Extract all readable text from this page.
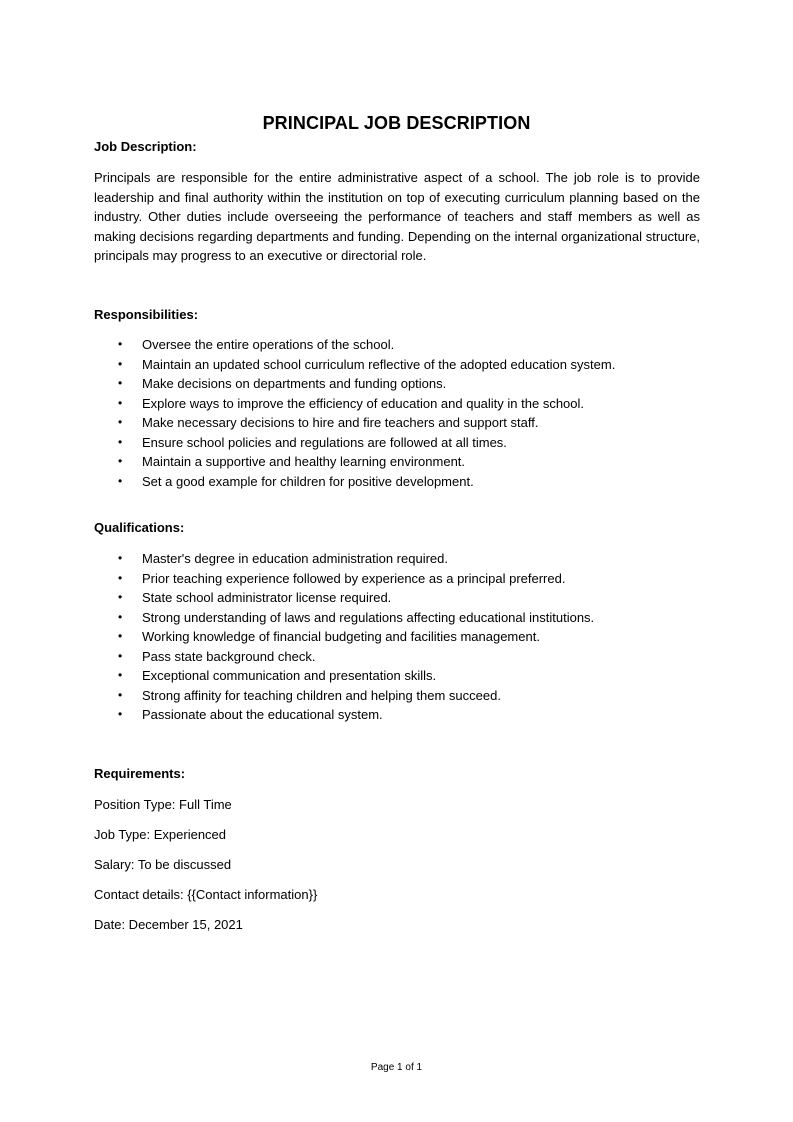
PRINCIPAL JOB DESCRIPTION
Job Description:
Principals are responsible for the entire administrative aspect of a school. The job role is to provide leadership and final authority within the institution on top of executing curriculum planning based on the industry. Other duties include overseeing the performance of teachers and staff members as well as making decisions regarding departments and funding. Depending on the internal organizational structure, principals may progress to an executive or directorial role.
Responsibilities:
• Oversee the entire operations of the school.
• Maintain an updated school curriculum reflective of the adopted education system.
• Make decisions on departments and funding options.
• Explore ways to improve the efficiency of education and quality in the school.
• Make necessary decisions to hire and fire teachers and support staff.
• Ensure school policies and regulations are followed at all times.
• Maintain a supportive and healthy learning environment.
• Set a good example for children for positive development.
Qualifications:
• Master's degree in education administration required.
• Prior teaching experience followed by experience as a principal preferred.
• State school administrator license required.
• Strong understanding of laws and regulations affecting educational institutions.
• Working knowledge of financial budgeting and facilities management.
• Pass state background check.
• Exceptional communication and presentation skills.
• Strong affinity for teaching children and helping them succeed.
• Passionate about the educational system.
Requirements:
Position Type: Full Time
Job Type: Experienced
Salary: To be discussed
Contact details: {{Contact information}}
Date: December 15, 2021
Page 1 of 1
